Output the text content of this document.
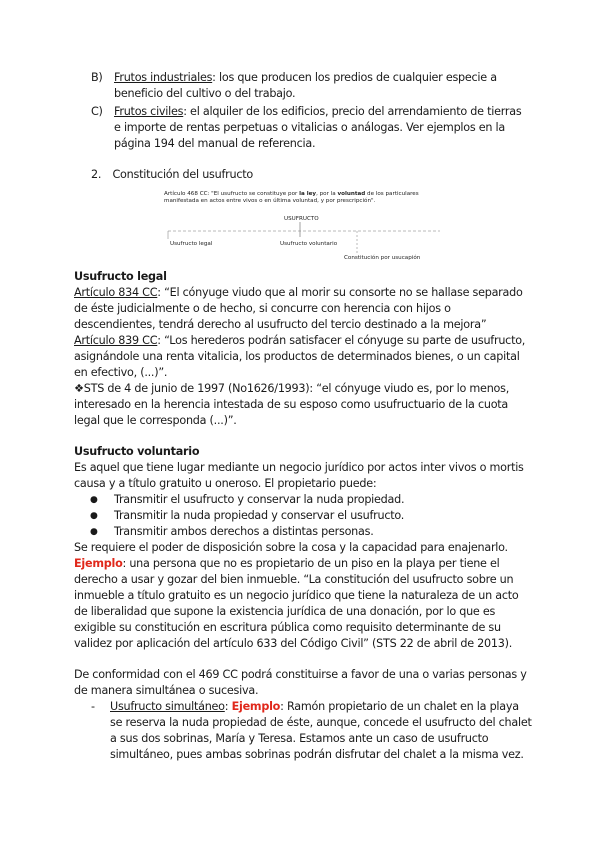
B)	Frutos industriales: los que producen los predios de cualquier especie a beneficio del cultivo o del trabajo.
C)	Frutos civiles: el alquiler de los edificios, precio del arrendamiento de tierras e importe de rentas perpetuas o vitalicias o análogas. Ver ejemplos en la página 194 del manual de referencia.
2. Constitución del usufructo
Artículo 468 CC: "El usufructo se constituye por la ley, por la voluntad de los particulares
manifestada en actos entre vivos o en última voluntad, y por prescripción".
USUFRUCTO
Usufructo legal	Usufructo voluntario
Constitución por usucapión
Usufructo legal
Artículo 834 CC: “El cónyuge viudo que al morir su consorte no se hallase separado de éste judicialmente o de hecho, si concurre con herencia con hijos o descendientes, tendrá derecho al usufructo del tercio destinado a la mejora”
Artículo 839 CC: “Los herederos podrán satisfacer el cónyuge su parte de usufructo, asignándole una renta vitalicia, los productos de determinados bienes, o un capital en efectivo, (...)”.
❖STS de 4 de junio de 1997 (No1626/1993): “el cónyuge viudo es, por lo menos, interesado en la herencia intestada de su esposo como usufructuario de la cuota legal que le corresponda (...)”.
Usufructo voluntario
Es aquel que tiene lugar mediante un negocio jurídico por actos inter vivos o mortis causa y a título gratuito u oneroso. El propietario puede:
● Transmitir el usufructo y conservar la nuda propiedad.
● Transmitir la nuda propiedad y conservar el usufructo.
● Transmitir ambos derechos a distintas personas.
Se requiere el poder de disposición sobre la cosa y la capacidad para enajenarlo.
Ejemplo: una persona que no es propietario de un piso en la playa per tiene el derecho a usar y gozar del bien inmueble. “La constitución del usufructo sobre un inmueble a título gratuito es un negocio jurídico que tiene la naturaleza de un acto de liberalidad que supone la existencia jurídica de una donación, por lo que es exigible su constitución en escritura pública como requisito determinante de su validez por aplicación del artículo 633 del Código Civil” (STS 22 de abril de 2013).
De conformidad con el 469 CC podrá constituirse a favor de una o varias personas y de manera simultánea o sucesiva.
-	Usufructo simultáneo: Ejemplo: Ramón propietario de un chalet en la playa se reserva la nuda propiedad de éste, aunque, concede el usufructo del chalet a sus dos sobrinas, María y Teresa. Estamos ante un caso de usufructo simultáneo, pues ambas sobrinas podrán disfrutar del chalet a la misma vez.
